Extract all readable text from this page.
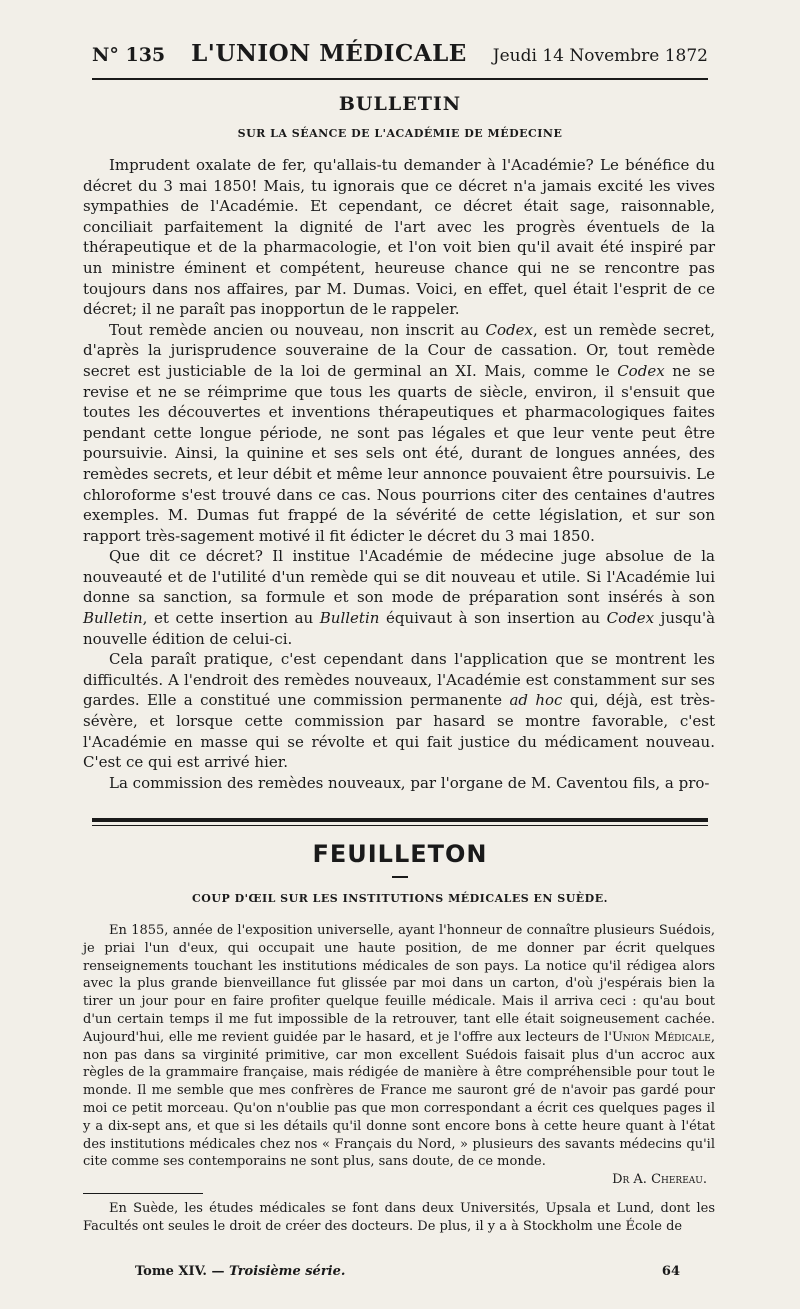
N° 135 L'UNION MÉDICALE Jeudi 14 Novembre 1872
BULLETIN
SUR LA SÉANCE DE L'ACADÉMIE DE MÉDECINE

Imprudent oxalate de fer, qu'allais-tu demander à l'Académie? Le bénéfice du décret du 3 mai 1850! Mais, tu ignorais que ce décret n'a jamais excité les vives sympathies de l'Académie. Et cependant, ce décret était sage, raisonnable, conciliait parfaitement la dignité de l'art avec les progrès éventuels de la thérapeutique et de la pharmacologie, et l'on voit bien qu'il avait été inspiré par un ministre éminent et compétent, heureuse chance qui ne se rencontre pas toujours dans nos affaires, par M. Dumas. Voici, en effet, quel était l'esprit de ce décret; il ne paraît pas inopportun de le rappeler.

Tout remède ancien ou nouveau, non inscrit au Codex, est un remède secret, d'après la jurisprudence souveraine de la Cour de cassation. Or, tout remède secret est justiciable de la loi de germinal an XI. Mais, comme le Codex ne se revise et ne se réimprime que tous les quarts de siècle, environ, il s'ensuit que toutes les découvertes et inventions thérapeutiques et pharmacologiques faites pendant cette longue période, ne sont pas légales et que leur vente peut être poursuivie. Ainsi, la quinine et ses sels ont été, durant de longues années, des remèdes secrets, et leur débit et même leur annonce pouvaient être poursuivis. Le chloroforme s'est trouvé dans ce cas. Nous pourrions citer des centaines d'autres exemples. M. Dumas fut frappé de la sévérité de cette législation, et sur son rapport très-sagement motivé il fit édicter le décret du 3 mai 1850.

Que dit ce décret? Il institue l'Académie de médecine juge absolue de la nouveauté et de l'utilité d'un remède qui se dit nouveau et utile. Si l'Académie lui donne sa sanction, sa formule et son mode de préparation sont insérés à son Bulletin, et cette insertion au Bulletin équivaut à son insertion au Codex jusqu'à nouvelle édition de celui-ci.

Cela paraît pratique, c'est cependant dans l'application que se montrent les difficultés. A l'endroit des remèdes nouveaux, l'Académie est constamment sur ses gardes. Elle a constitué une commission permanente ad hoc qui, déjà, est très-sévère, et lorsque cette commission par hasard se montre favorable, c'est l'Académie en masse qui se révolte et qui fait justice du médicament nouveau. C'est ce qui est arrivé hier.

La commission des remèdes nouveaux, par l'organe de M. Caventou fils, a pro-

FEUILLETON
COUP D'ŒIL SUR LES INSTITUTIONS MÉDICALES EN SUÈDE.

En 1855, année de l'exposition universelle, ayant l'honneur de connaître plusieurs Suédois, je priai l'un d'eux, qui occupait une haute position, de me donner par écrit quelques renseignements touchant les institutions médicales de son pays. La notice qu'il rédigea alors avec la plus grande bienveillance fut glissée par moi dans un carton, d'où j'espérais bien la tirer un jour pour en faire profiter quelque feuille médicale. Mais il arriva ceci : qu'au bout d'un certain temps il me fut impossible de la retrouver, tant elle était soigneusement cachée. Aujourd'hui, elle me revient guidée par le hasard, et je l'offre aux lecteurs de l'Union Médicale, non pas dans sa virginité primitive, car mon excellent Suédois faisait plus d'un accroc aux règles de la grammaire française, mais rédigée de manière à être compréhensible pour tout le monde. Il me semble que mes confrères de France me sauront gré de n'avoir pas gardé pour moi ce petit morceau. Qu'on n'oublie pas que mon correspondant a écrit ces quelques pages il y a dix-sept ans, et que si les détails qu'il donne sont encore bons à cette heure quant à l'état des institutions médicales chez nos « Français du Nord, » plusieurs des savants médecins qu'il cite comme ses contemporains ne sont plus, sans doute, de ce monde.

Dr A. Chereau.

En Suède, les études médicales se font dans deux Universités, Upsala et Lund, dont les Facultés ont seules le droit de créer des docteurs. De plus, il y a à Stockholm une École de

Tome XIV. — Troisième série.	64
